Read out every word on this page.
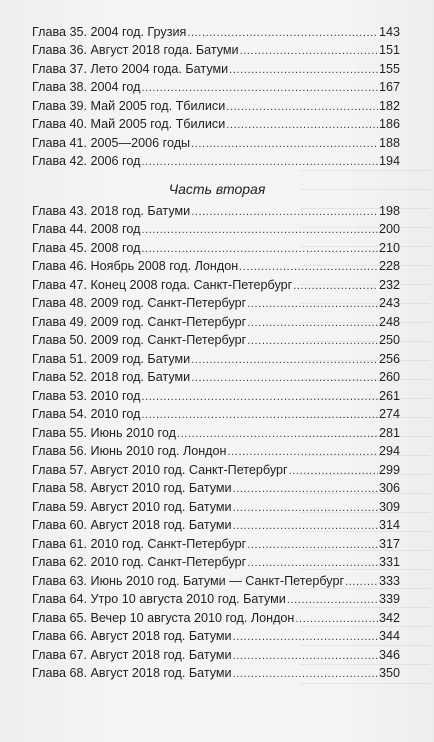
Глава 35. 2004 год. Грузия .....	143
Глава 36. Август 2018 года. Батуми .....	151
Глава 37. Лето 2004 года. Батуми .....	155
Глава 38. 2004 год .....	167
Глава 39. Май 2005 год. Тбилиси .....	182
Глава 40. Май 2005 год. Тбилиси .....	186
Глава 41. 2005—2006 годы .....	188
Глава 42. 2006 год .....	194
Часть вторая
Глава 43. 2018 год. Батуми .....	198
Глава 44. 2008 год .....	200
Глава 45. 2008 год .....	210
Глава 46. Ноябрь 2008 год. Лондон .....	228
Глава 47. Конец 2008 года. Санкт-Петербург .....	232
Глава 48. 2009 год. Санкт-Петербург .....	243
Глава 49. 2009 год. Санкт-Петербург .....	248
Глава 50. 2009 год. Санкт-Петербург .....	250
Глава 51. 2009 год. Батуми .....	256
Глава 52. 2018 год. Батуми .....	260
Глава 53. 2010 год .....	261
Глава 54. 2010 год .....	274
Глава 55. Июнь 2010 год .....	281
Глава 56. Июнь 2010 год. Лондон .....	294
Глава 57. Август 2010 год. Санкт-Петербург .....	299
Глава 58. Август 2010 год. Батуми .....	306
Глава 59. Август 2010 год. Батуми .....	309
Глава 60. Август 2018 год. Батуми .....	314
Глава 61. 2010 год. Санкт-Петербург .....	317
Глава 62. 2010 год. Санкт-Петербург .....	331
Глава 63. Июнь 2010 год. Батуми — Санкт-Петербург .....	333
Глава 64. Утро 10 августа 2010 год. Батуми .....	339
Глава 65. Вечер 10 августа 2010 год. Лондон .....	342
Глава 66. Август 2018 год. Батуми .....	344
Глава 67. Август 2018 год. Батуми .....	346
Глава 68. Август 2018 год. Батуми .....	350
